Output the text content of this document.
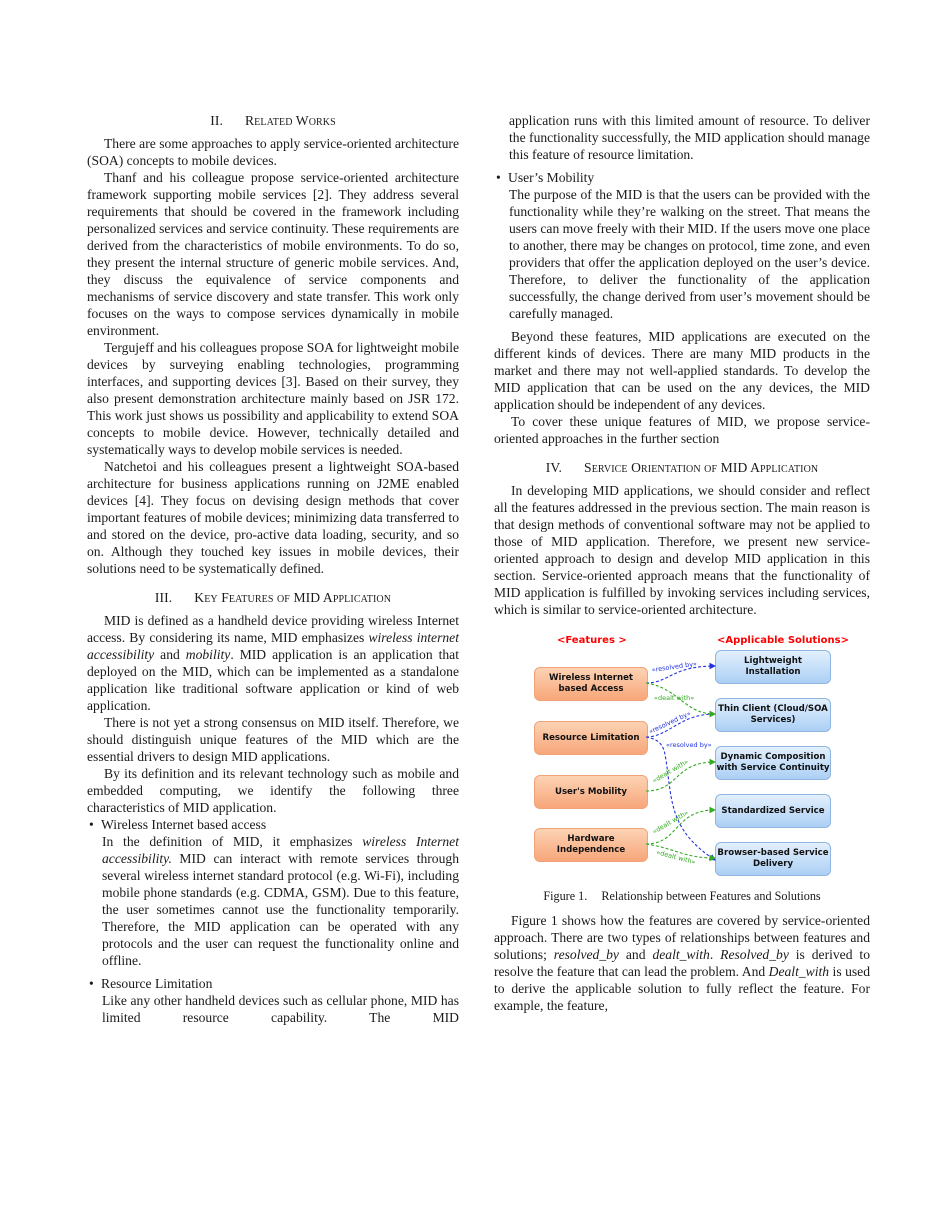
II. Related Works

There are some approaches to apply service-oriented architecture (SOA) concepts to mobile devices.

Thanf and his colleague propose service-oriented architecture framework supporting mobile services [2]. They address several requirements that should be covered in the framework including personalized services and service continuity. These requirements are derived from the characteristics of mobile environments. To do so, they present the internal structure of generic mobile services. And, they discuss the equivalence of service components and mechanisms of service discovery and state transfer. This work only focuses on the ways to compose services dynamically in mobile environment.

Tergujeff and his colleagues propose SOA for lightweight mobile devices by surveying enabling technologies, programming interfaces, and supporting devices [3]. Based on their survey, they also present demonstration architecture mainly based on JSR 172. This work just shows us possibility and applicability to extend SOA concepts to mobile device. However, technically detailed and systematically ways to develop mobile services is needed.

Natchetoi and his colleagues present a lightweight SOA-based architecture for business applications running on J2ME enabled devices [4]. They focus on devising design methods that cover important features of mobile devices; minimizing data transferred to and stored on the device, pro-active data loading, security, and so on. Although they touched key issues in mobile devices, their solutions need to be systematically defined.

III. Key Features of MID Application

MID is defined as a handheld device providing wireless Internet access. By considering its name, MID emphasizes wireless internet accessibility and mobility. MID application is an application that deployed on the MID, which can be implemented as a standalone application like traditional software application or kind of web application.

There is not yet a strong consensus on MID itself. Therefore, we should distinguish unique features of the MID which are the essential drivers to design MID applications.

By its definition and its relevant technology such as mobile and embedded computing, we identify the following three characteristics of MID application.

• Wireless Internet based access

In the definition of MID, it emphasizes wireless Internet accessibility. MID can interact with remote services through several wireless internet standard protocol (e.g. Wi-Fi), including mobile phone standards (e.g. CDMA, GSM). Due to this feature, the user sometimes cannot use the functionality temporarily. Therefore, the MID application can be operated with any protocols and the user can request the functionality online and offline.

• Resource Limitation

Like any other handheld devices such as cellular phone, MID has limited resource capability. The MID

application runs with this limited amount of resource. To deliver the functionality successfully, the MID application should manage this feature of resource limitation.

• User’s Mobility

The purpose of the MID is that the users can be provided with the functionality while they’re walking on the street. That means the users can move freely with their MID. If the users move one place to another, there may be changes on protocol, time zone, and even providers that offer the application deployed on the user’s device. Therefore, to deliver the functionality of the application successfully, the change derived from user’s movement should be carefully managed.

Beyond these features, MID applications are executed on the different kinds of devices. There are many MID products in the market and there may not well-applied standards. To develop the MID application that can be used on the any devices, the MID application should be independent of any devices.

To cover these unique features of MID, we propose service-oriented approaches in the further section

IV. Service Orientation of MID Application

In developing MID applications, we should consider and reflect all the features addressed in the previous section. The main reason is that design methods of conventional software may not be applied to those of MID application. Therefore, we present new service- oriented approach to design and develop MID application in this section. Service-oriented approach means that the functionality of MID application is fulfilled by invoking services including services, which is similar to service-oriented architecture.

<Features >	<Applicable Solutions>
Wireless Internet based Access
Resource Limitation
User's Mobility
Hardware Independence
Lightweight Installation
Thin Client (Cloud/SOA Services)
Dynamic Composition with Service Continuity
Standardized Service
Browser-based Service Delivery
«resolved by»
«dealt with»
«resolved by»
«resolved by»
«dealt with»
«dealt with»
«dealt with»
Figure 1. Relationship between Features and Solutions

Figure 1 shows how the features are covered by service-oriented approach. There are two types of relationships between features and solutions; resolved_by and dealt_with. Resolved_by is derived to resolve the feature that can lead the problem. And Dealt_with is used to derive the applicable solution to fully reflect the feature. For example, the feature,
